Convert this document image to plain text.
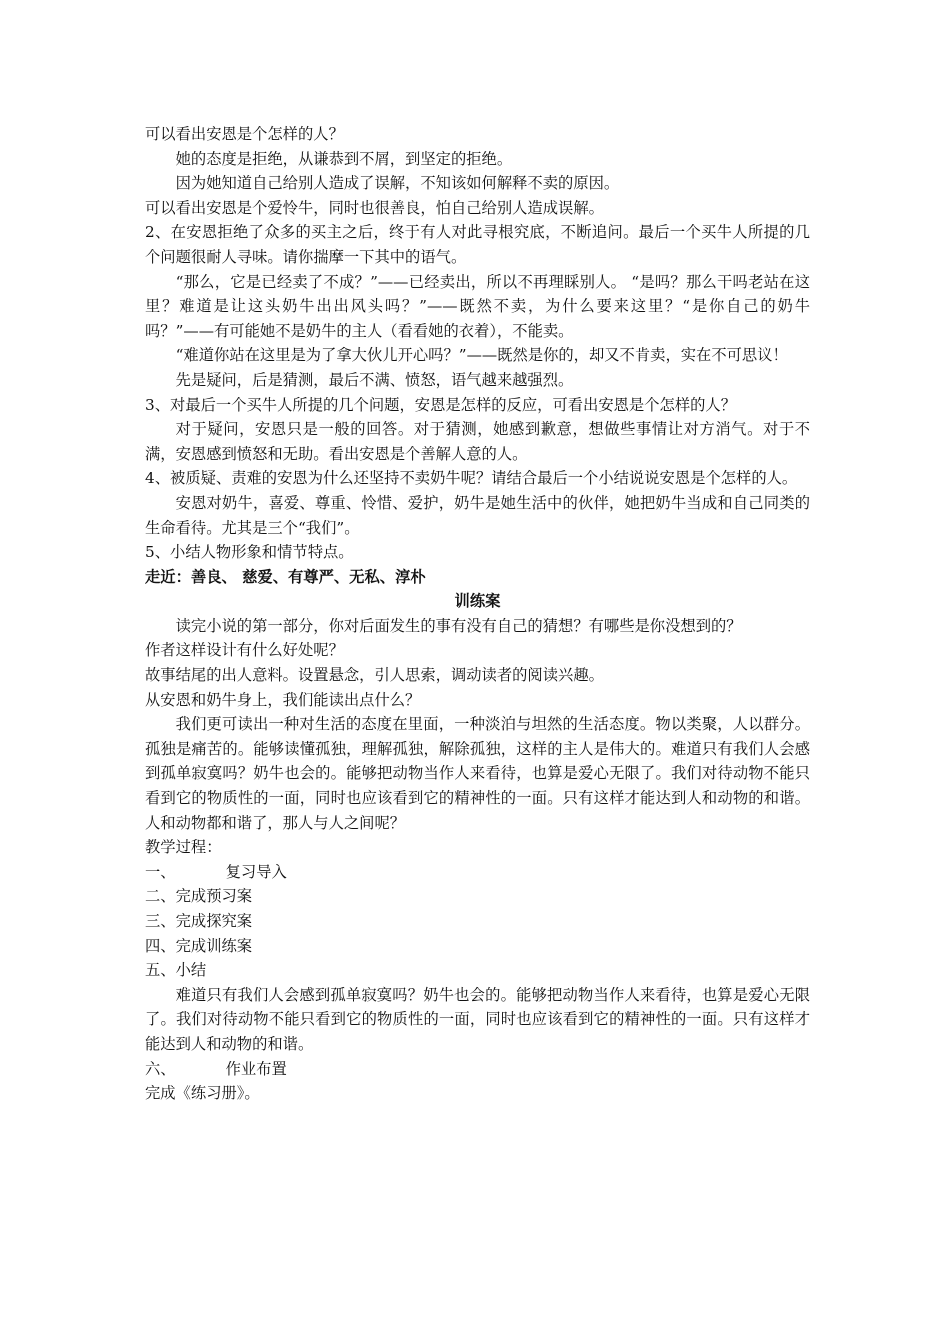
可以看出安恩是个怎样的人？

她的态度是拒绝，从谦恭到不屑，到坚定的拒绝。

因为她知道自己给别人造成了误解，不知该如何解释不卖的原因。

可以看出安恩是个爱怜牛，同时也很善良，怕自己给别人造成误解。

2、在安恩拒绝了众多的买主之后，终于有人对此寻根究底，不断追问。最后一个买牛人所提的几个问题很耐人寻味。请你揣摩一下其中的语气。

“那么，它是已经卖了不成？”——已经卖出，所以不再理睬别人。 “是吗？那么干吗老站在这里？难道是让这头奶牛出出风头吗？”——既然不卖，为什么要来这里？“是你自己的奶牛吗？”——有可能她不是奶牛的主人（看看她的衣着），不能卖。

“难道你站在这里是为了拿大伙儿开心吗？”——既然是你的，却又不肯卖，实在不可思议！

先是疑问，后是猜测，最后不满、愤怒，语气越来越强烈。

3、对最后一个买牛人所提的几个问题，安恩是怎样的反应，可看出安恩是个怎样的人？

对于疑问，安恩只是一般的回答。对于猜测，她感到歉意，想做些事情让对方消气。对于不满，安恩感到愤怒和无助。看出安恩是个善解人意的人。

4、被质疑、责难的安恩为什么还坚持不卖奶牛呢？请结合最后一个小结说说安恩是个怎样的人。

安恩对奶牛，喜爱、尊重、怜惜、爱护，奶牛是她生活中的伙伴，她把奶牛当成和自己同类的生命看待。尤其是三个“我们”。

5、小结人物形象和情节特点。

走近：善良、 慈爱、有尊严、无私、淳朴

训练案

读完小说的第一部分，你对后面发生的事有没有自己的猜想？有哪些是你没想到的？

作者这样设计有什么好处呢？

故事结尾的出人意料。设置悬念，引人思索，调动读者的阅读兴趣。

从安恩和奶牛身上，我们能读出点什么？

我们更可读出一种对生活的态度在里面，一种淡泊与坦然的生活态度。物以类聚，人以群分。孤独是痛苦的。能够读懂孤独，理解孤独，解除孤独，这样的主人是伟大的。难道只有我们人会感到孤单寂寞吗？奶牛也会的。能够把动物当作人来看待，也算是爱心无限了。我们对待动物不能只看到它的物质性的一面，同时也应该看到它的精神性的一面。只有这样才能达到人和动物的和谐。人和动物都和谐了，那人与人之间呢？

教学过程：

一、	复习导入

二、完成预习案

三、完成探究案

四、完成训练案

五、小结

难道只有我们人会感到孤单寂寞吗？奶牛也会的。能够把动物当作人来看待，也算是爱心无限了。我们对待动物不能只看到它的物质性的一面，同时也应该看到它的精神性的一面。只有这样才能达到人和动物的和谐。

六、	作业布置

完成《练习册》。
